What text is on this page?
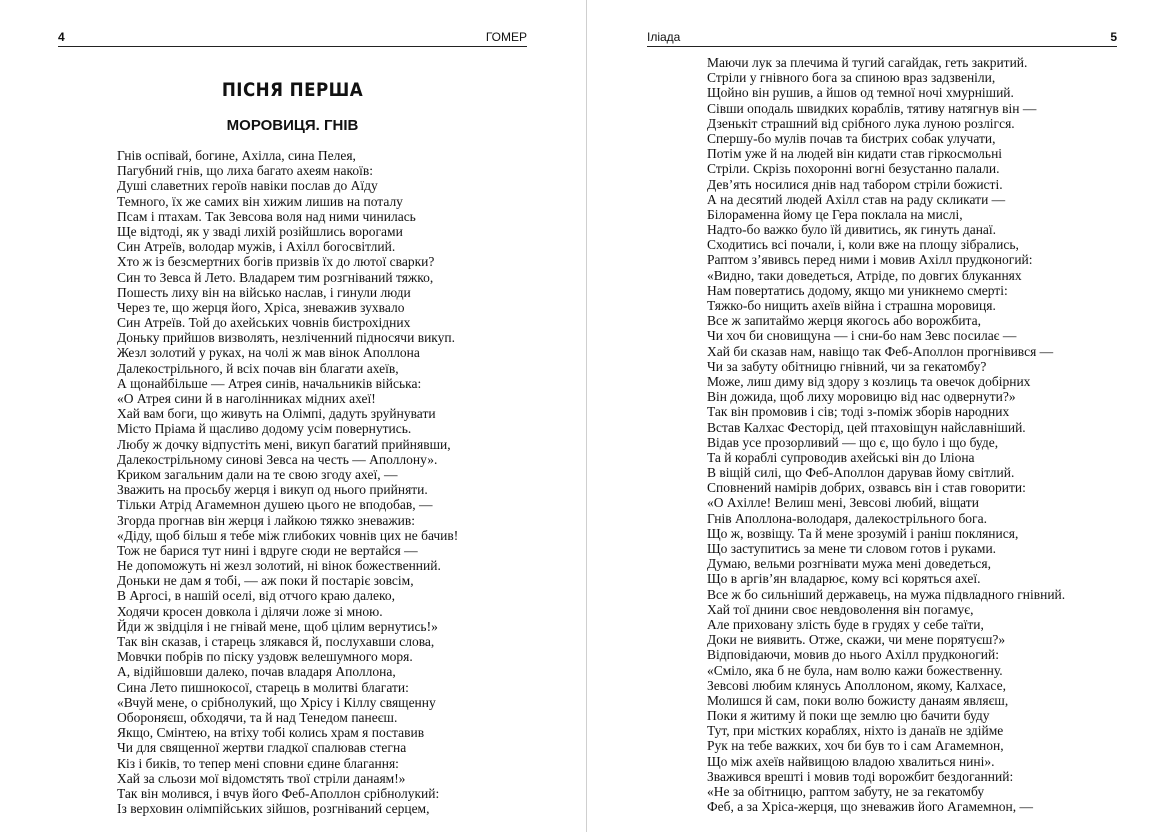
4	ГОМЕР
ПІСНЯ ПЕРША
МОРОВИЦЯ. ГНІВ
Гнів оспівай, богине, Ахілла, сина Пелея,
Пагубний гнів, що лиха багато ахеям накоїв:
Душі славетних героїв навіки послав до Аїду
Темного, їх же самих він хижим лишив на поталу
Псам і птахам. Так Зевсова воля над ними чинилась
Ще відтоді, як у зваді лихій розійшлись ворогами
Син Атреїв, володар мужів, і Ахілл богосвітлий.
Хто ж із безсмертних богів призвів їх до лютої сварки?
Син то Зевса й Лето. Владарем тим розгніваний тяжко,
Пошесть лиху він на військо наслав, і гинули люди
Через те, що жерця його, Хріса, зневажив зухвало
Син Атреїв. Той до ахейських човнів бистрохідних
Доньку прийшов визволять, незліченний підносячи викуп.
Жезл золотий у руках, на чолі ж мав вінок Аполлона
Далекострільного, й всіх почав він благати ахеїв,
А щонайбільше — Атрея синів, начальників війська:
«О Атрея сини й в наголінниках мідних ахеї!
Хай вам боги, що живуть на Олімпі, дадуть зруйнувати
Місто Пріама й щасливо додому усім повернутись.
Любу ж дочку відпустіть мені, викуп багатий прийнявши,
Далекострільному синові Зевса на честь — Аполлону».
Криком загальним дали на те свою згоду ахеї, —
Зважить на просьбу жерця і викуп од нього прийняти.
Тільки Атрід Агамемнон душею цього не вподобав, —
Згорда прогнав він жерця і лайкою тяжко зневажив:
«Діду, щоб більш я тебе між глибоких човнів цих не бачив!
Тож не барися тут нині і вдруге сюди не вертайся —
Не допоможуть ні жезл золотий, ні вінок божественний.
Доньки не дам я тобі, — аж поки й постаріє зовсім,
В Аргосі, в нашій оселі, від отчого краю далеко,
Ходячи кросен довкола і ділячи ложе зі мною.
Йди ж звідціля і не гнівай мене, щоб цілим вернутись!»
Так він сказав, і старець злякався й, послухавши слова,
Мовчки побрів по піску уздовж велешумного моря.
А, відійшовши далеко, почав владаря Аполлона,
Сина Лето пишнокосої, старець в молитві благати:
«Вчуй мене, о срібнолукий, що Хрісу і Кіллу священну
Обороняєш, обходячи, та й над Тенедом панеєш.
Якщо, Смінтею, на втіху тобі колись храм я поставив
Чи для священної жертви гладкої спалював стегна
Кіз і биків, то тепер мені сповни єдине благання:
Хай за сльози мої відомстять твої стріли данаям!»
Так він молився, і вчув його Феб-Аполлон срібнолукий:
Із верховин олімпійських зійшов, розгніваний серцем,
Іліада	5
Маючи лук за плечима й тугий сагайдак, геть закритий.
Стріли у гнівного бога за спиною враз задзвеніли,
Щойно він рушив, а йшов од темної ночі хмурніший.
Сівши оподаль швидких кораблів, тятиву натягнув він —
Дзенькіт страшний від срібного лука луною розлігся.
Спершу-бо мулів почав та бистрих собак улучати,
Потім уже й на людей він кидати став гіркосмольні
Стріли. Скрізь похоронні вогні безустанно палали.
Дев’ять носилися днів над табором стріли божисті.
А на десятий людей Ахілл став на раду скликати —
Білораменна йому це Гера поклала на мислі,
Надто-бо важко було їй дивитись, як гинуть данаї.
Сходитись всі почали, і, коли вже на площу зібрались,
Раптом з’явивсь перед ними і мовив Ахілл прудконогий:
«Видно, таки доведеться, Атріде, по довгих блуканнях
Нам повертатись додому, якщо ми уникнемо смерті:
Тяжко-бо нищить ахеїв війна і страшна моровиця.
Все ж запитаймо жерця якогось або ворожбита,
Чи хоч би сновищуна — і сни-бо нам Зевс посилає —
Хай би сказав нам, навіщо так Феб-Аполлон прогнівився —
Чи за забуту обітницю гнівний, чи за гекатомбу?
Може, лиш диму від здору з козлиць та овечок добірних
Він дожида, щоб лиху моровицю від нас одвернути?»
Так він промовив і сів; тоді з-поміж зборів народних
Встав Калхас Фесторід, цей птаховіщун найславніший.
Відав усе прозорливий — що є, що було і що буде,
Та й кораблі супроводив ахейські він до Іліона
В віщій силі, що Феб-Аполлон дарував йому світлий.
Сповнений намірів добрих, озвавсь він і став говорити:
«О Ахілле! Велиш мені, Зевсові любий, віщати
Гнів Аполлона-володаря, далекострільного бога.
Що ж, возвіщу. Та й мене зрозумій і раніш поклянися,
Що заступитись за мене ти словом готов і руками.
Думаю, вельми розгнівати мужа мені доведеться,
Що в аргів’ян владарює, кому всі коряться ахеї.
Все ж бо сильніший державець, на мужа підвладного гнівний.
Хай тої днини своє невдоволення він погамує,
Але приховану злість буде в грудях у себе таїти,
Доки не виявить. Отже, скажи, чи мене порятуєш?»
Відповідаючи, мовив до нього Ахілл прудконогий:
«Сміло, яка б не була, нам волю кажи божественну.
Зевсові любим клянусь Аполлоном, якому, Калхасе,
Молишся й сам, поки волю божисту данаям являєш,
Поки я житиму й поки ще землю цю бачити буду
Тут, при містких кораблях, ніхто із данаїв не здійме
Рук на тебе важких, хоч би був то і сам Агамемнон,
Що між ахеїв найвищою владою хвалиться нині».
Зважився врешті і мовив тоді ворожбит бездоганний:
«Не за обітницю, раптом забуту, не за гекатомбу
Феб, а за Хріса-жерця, що зневажив його Агамемнон, —
